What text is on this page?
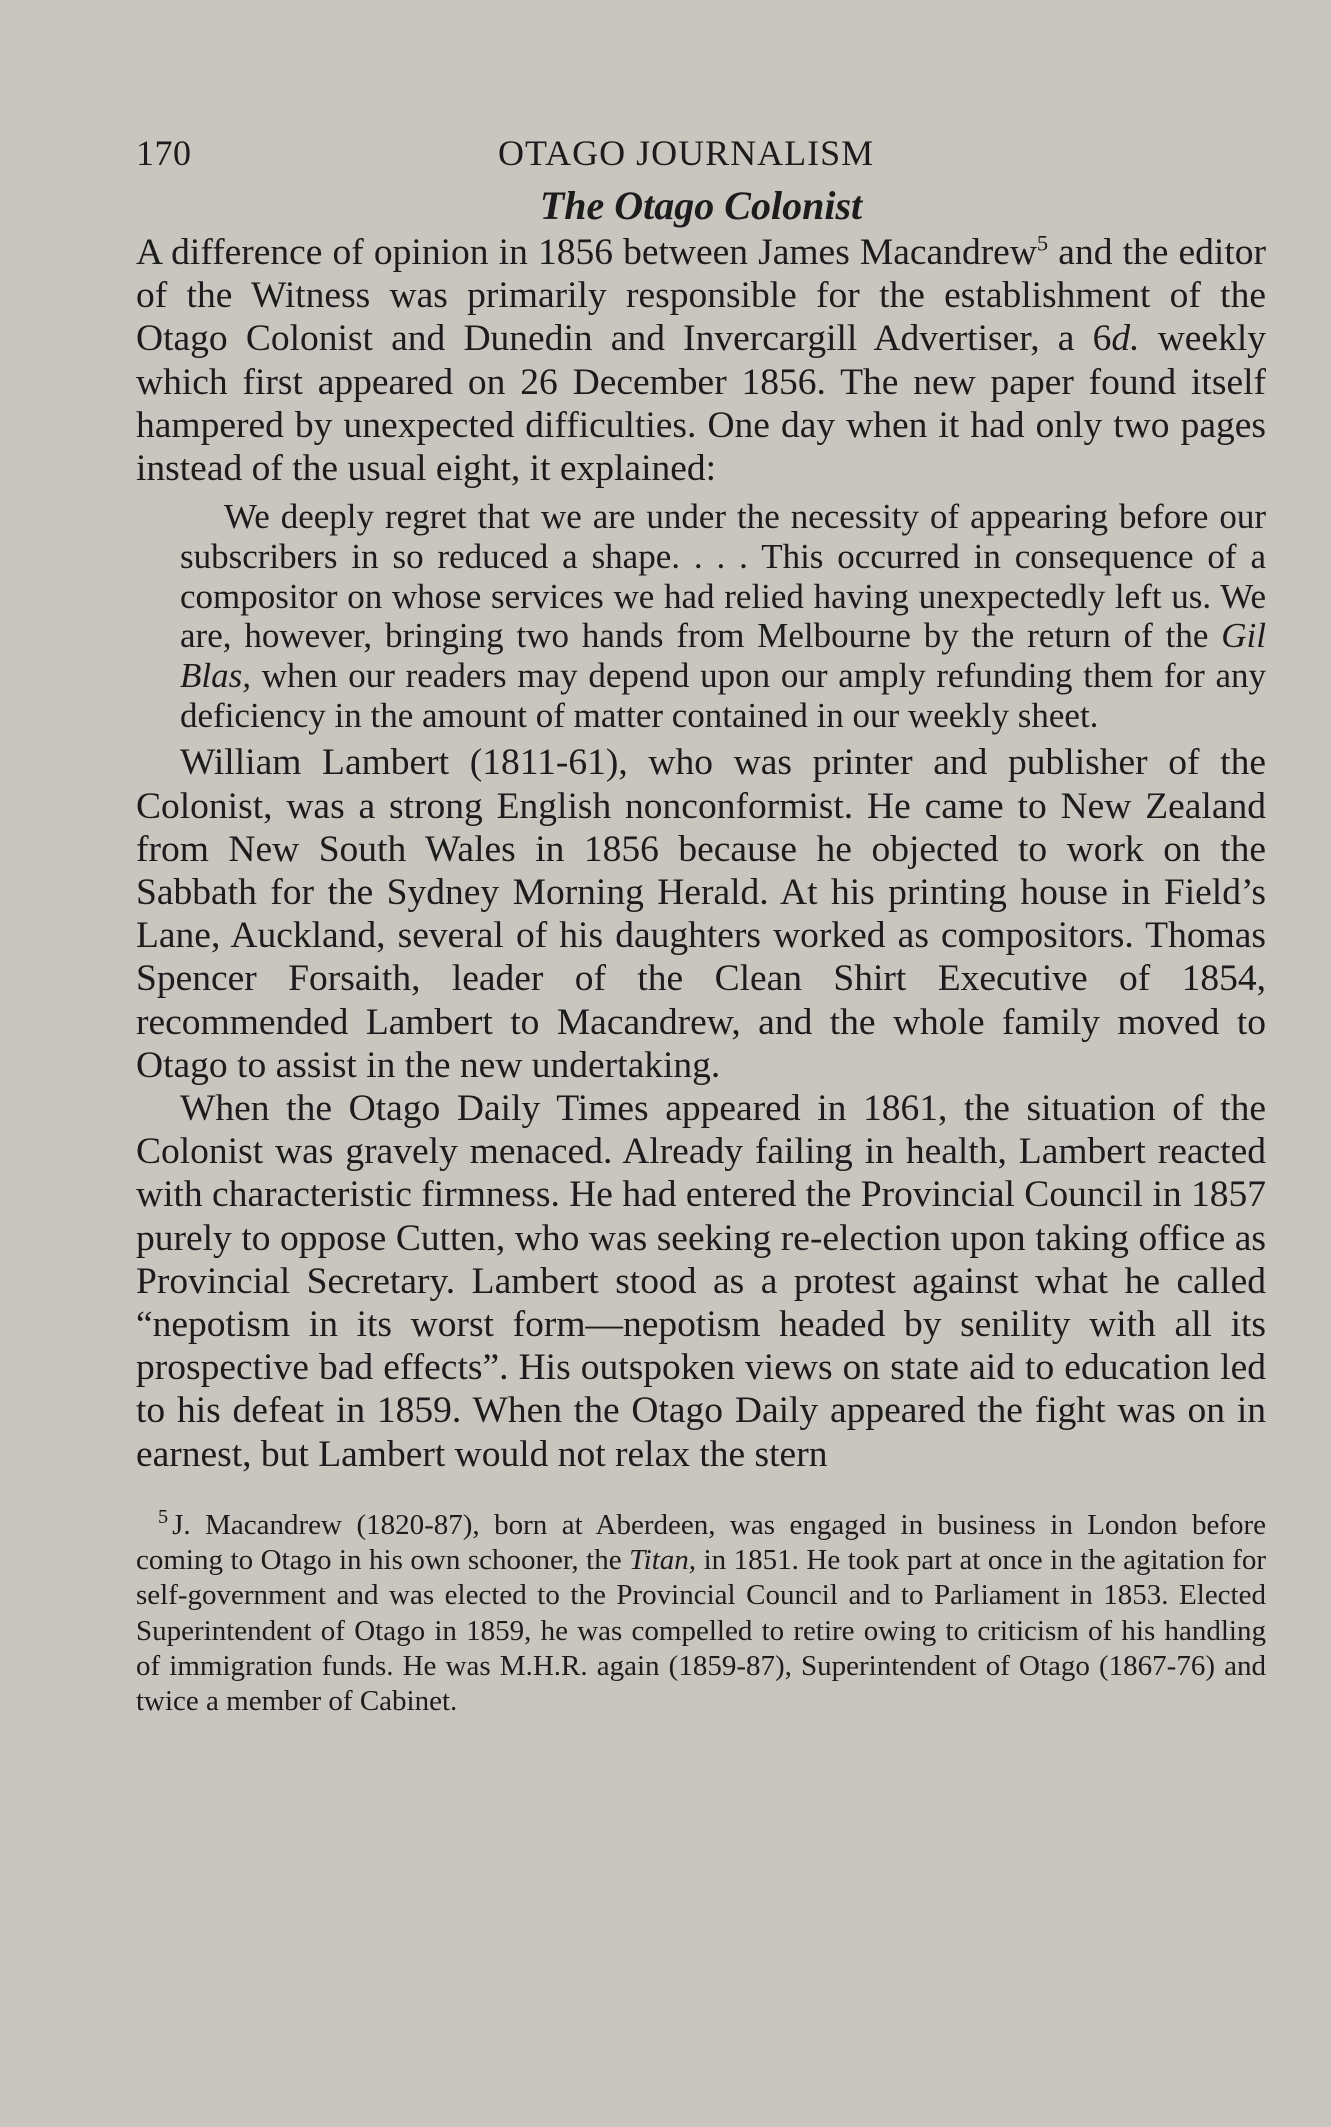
170	OTAGO JOURNALISM
The Otago Colonist

A difference of opinion in 1856 between James Macandrew$^5$ and the editor of the Witness was primarily responsible for the establishment of the Otago Colonist and Dunedin and Invercargill Advertiser, a 6d. weekly which first appeared on 26 December 1856. The new paper found itself hampered by unexpected difficulties. One day when it had only two pages instead of the usual eight, it explained:

We deeply regret that we are under the necessity of appearing before our subscribers in so reduced a shape. . . . This occurred in consequence of a compositor on whose services we had relied having unexpectedly left us. We are, however, bringing two hands from Melbourne by the return of the Gil Blas, when our readers may depend upon our amply refunding them for any deficiency in the amount of matter contained in our weekly sheet.

William Lambert (1811-61), who was printer and publisher of the Colonist, was a strong English nonconformist. He came to New Zealand from New South Wales in 1856 because he objected to work on the Sabbath for the Sydney Morning Herald. At his printing house in Field’s Lane, Auckland, several of his daughters worked as compositors. Thomas Spencer Forsaith, leader of the Clean Shirt Executive of 1854, recommended Lambert to Macandrew, and the whole family moved to Otago to assist in the new undertaking.

When the Otago Daily Times appeared in 1861, the situation of the Colonist was gravely menaced. Already failing in health, Lambert reacted with characteristic firmness. He had entered the Provincial Council in 1857 purely to oppose Cutten, who was seeking re-election upon taking office as Provincial Secretary. Lambert stood as a protest against what he called “nepotism in its worst form—nepotism headed by senility with all its prospective bad effects”. His outspoken views on state aid to education led to his defeat in 1859. When the Otago Daily appeared the fight was on in earnest, but Lambert would not relax the stern

$^5$ J. Macandrew (1820-87), born at Aberdeen, was engaged in business in London before coming to Otago in his own schooner, the Titan, in 1851. He took part at once in the agitation for self-government and was elected to the Provincial Council and to Parliament in 1853. Elected Superintendent of Otago in 1859, he was compelled to retire owing to criticism of his handling of immigration funds. He was M.H.R. again (1859-87), Superintendent of Otago (1867-76) and twice a member of Cabinet.
